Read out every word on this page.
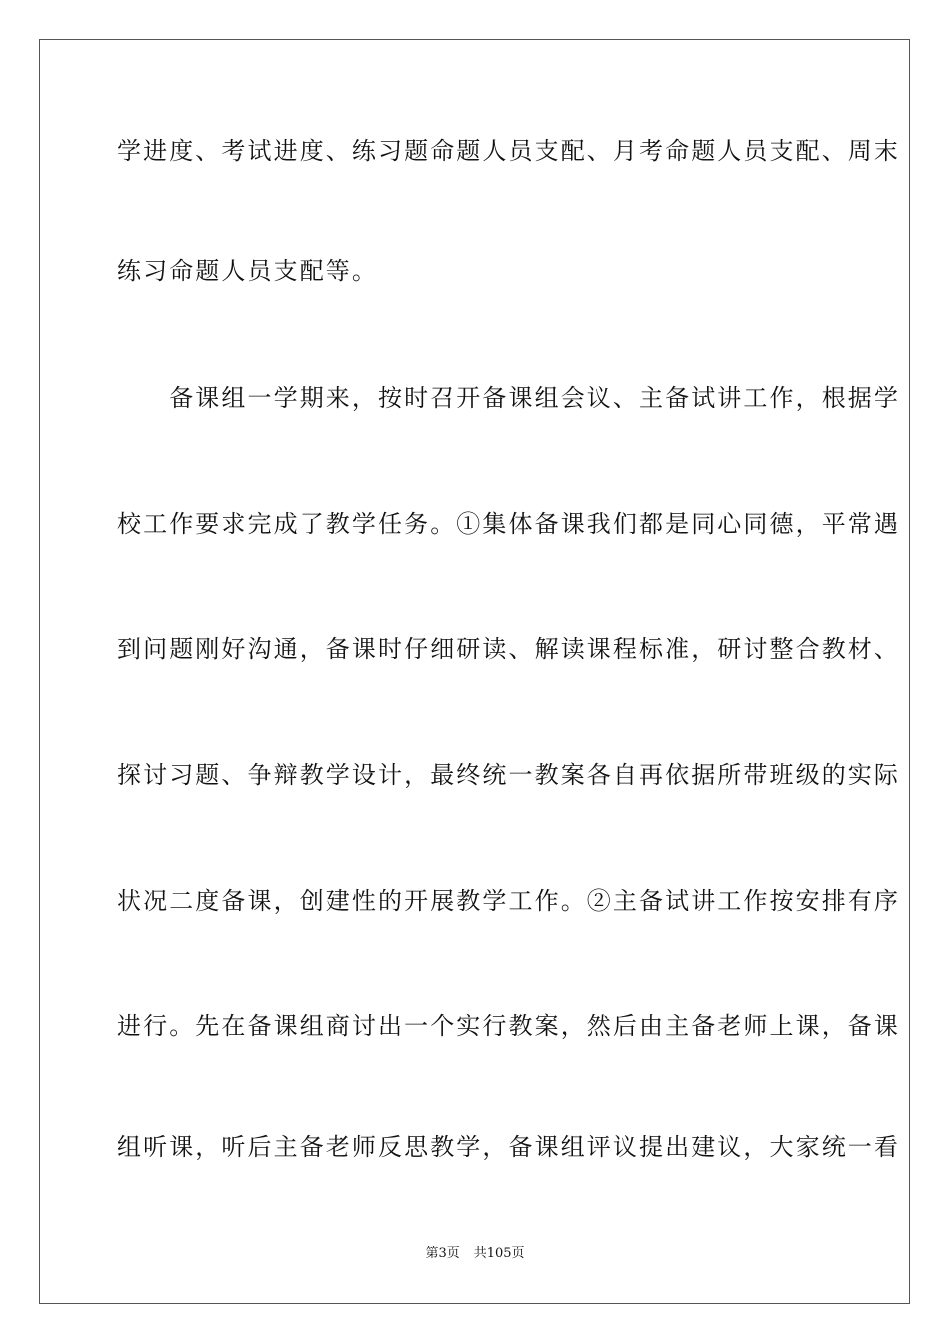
学进度、考试进度、练习题命题人员支配、月考命题人员支配、周末
练习命题人员支配等。
　　备课组一学期来，按时召开备课组会议、主备试讲工作，根据学
校工作要求完成了教学任务。①集体备课我们都是同心同德，平常遇
到问题刚好沟通，备课时仔细研读、解读课程标准，研讨整合教材、
探讨习题、争辩教学设计，最终统一教案各自再依据所带班级的实际
状况二度备课，创建性的开展教学工作。②主备试讲工作按安排有序
进行。先在备课组商讨出一个实行教案，然后由主备老师上课，备课
组听课，听后主备老师反思教学，备课组评议提出建议，大家统一看
第3页 共105页
